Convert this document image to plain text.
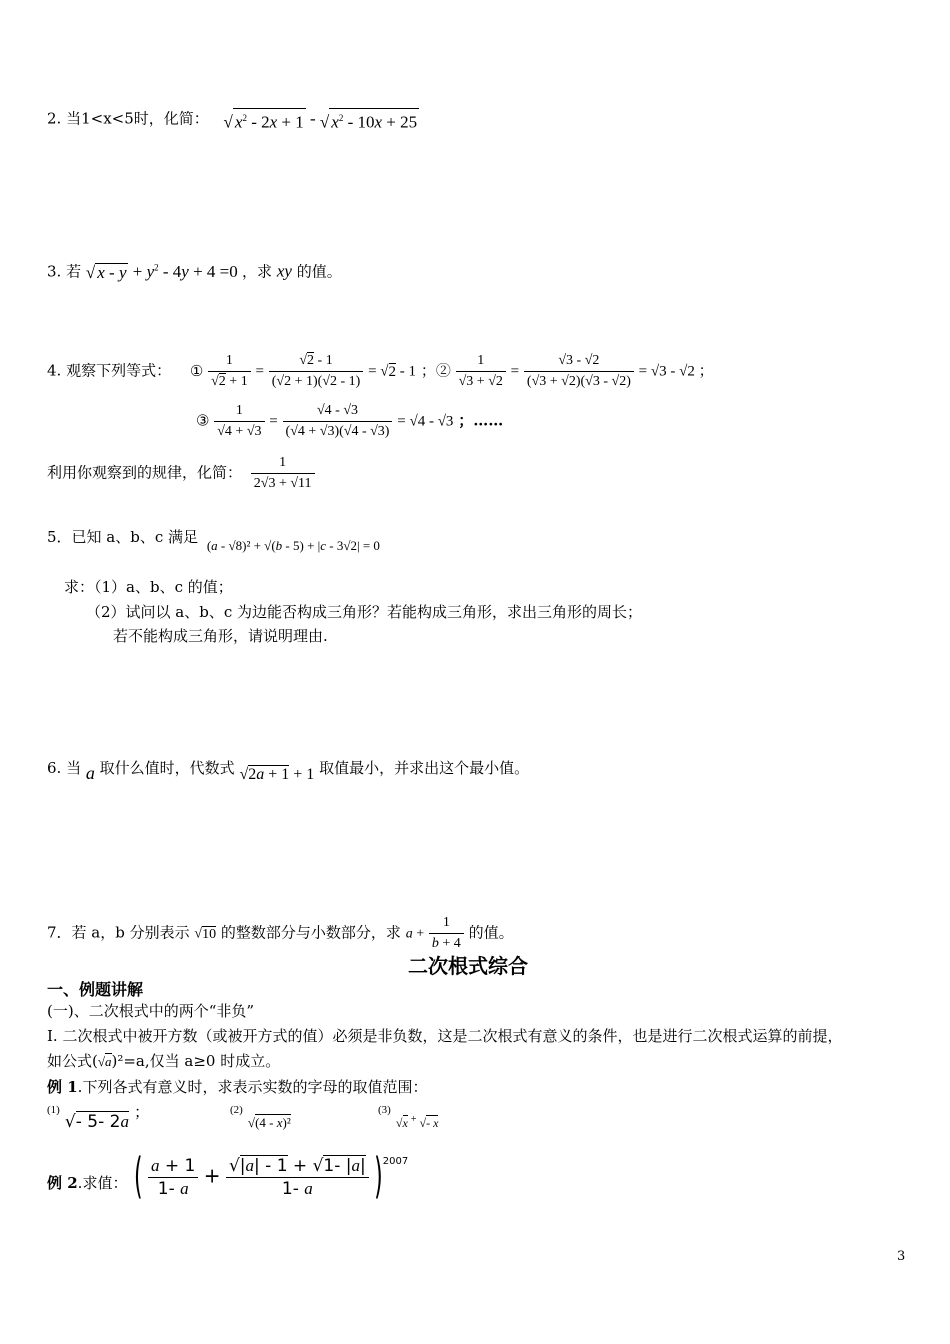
2. 当1<x<5时，化简： √ $x^2 - 2x + 1$ - √ $x^2 - 10x + 25$
3. 若 √ $x - y + y^2 - 4y + 4 =0$ ，求 xy 的值。
4. 观察下列等式： ① $\frac{1}{√2 + 1} = \frac{√2 - 1}{(√2 + 1)(√2 - 1)} = √2 - 1$ ；② $\frac{1}{√3 + √2} = \frac{√3 - √2}{(√3 + √2)(√3 - √2)} = √3 - √2$ ；
③ $\frac{1}{√4 + √3} = \frac{√4 - √3}{(√4 + √3)(√4 - √3)} = √4 - √3$ ；……
利用你观察到的规律，化简： $\frac{1}{2√3 + √11}$
5．已知 a、b、c 满足 (a - √8)² + √(b - 5) + |c - 3√2| = 0
求：（1）a、b、c 的值；
（2）试问以 a、b、c 为边能否构成三角形？若能构成三角形，求出三角形的周长；
若不能构成三角形，请说明理由.
6. 当 a 取什么值时，代数式 √2a + 1 + 1 取值最小，并求出这个最小值。
7．若 a，b 分别表示 √10 的整数部分与小数部分，求 $a + \frac{1}{b + 4}$ 的值。
二次根式综合
一、例题讲解
(一)、二次根式中的两个“非负”
I. 二次根式中被开方数（或被开方式的值）必须是非负数，这是二次根式有意义的条件，也是进行二次根式运算的前提，
如公式(√a)²=a,仅当 a≥0 时成立。
例 1.下列各式有意义时，求表示实数的字母的取值范围：
$^{(1)}$ √- 5- 2a ；	$^{(2)}$ $_{√(4 - x)^2}$
$^{(3)}$ $_{√x ^+ √- x}$
例 2.求值： ( $\frac{a + 1}{1- a} + \frac{√|a| - 1 + √1- |a|}{1- a} )^{2007}$
3
